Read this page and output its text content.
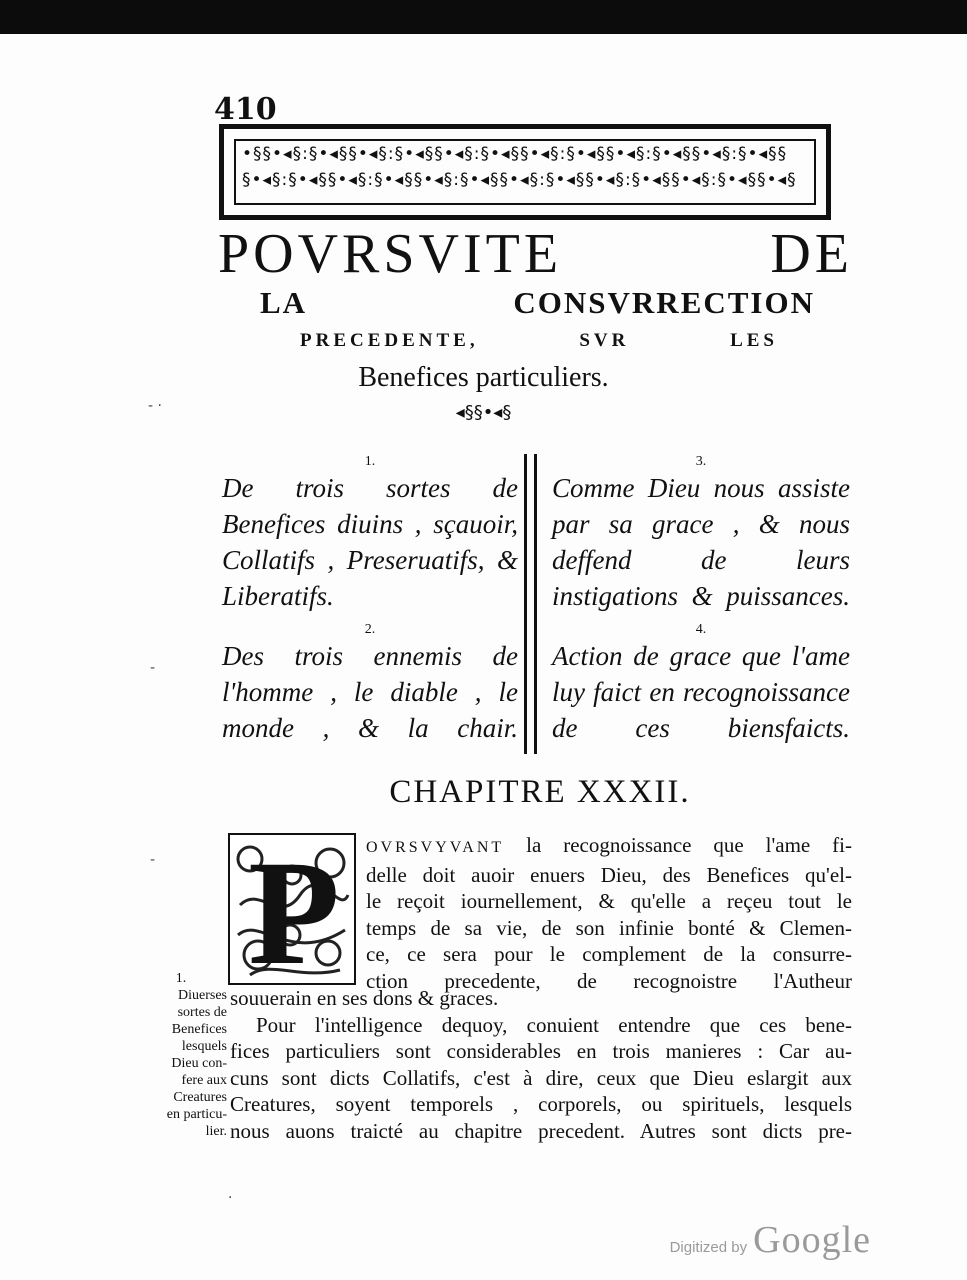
410
•§§•◂§:§•◂§§•◂§:§•◂§§•◂§:§•◂§§•◂§:§•◂§§•◂§:§•◂§§•◂§:§•◂§§
§•◂§:§•◂§§•◂§:§•◂§§•◂§:§•◂§§•◂§:§•◂§§•◂§:§•◂§§•◂§:§•◂§§•◂§
POVRSVITE DE
LA CONSVRRECTION
PRECEDENTE, SVR LES
Benefices particuliers.
◂§§•◂§
1.
De trois sortes de Benefices diuins , sçauoir, Collatifs , Preseruatifs, & Liberatifs.
2.
Des trois ennemis de l'homme , le diable , le monde , & la chair.
3.
Comme Dieu nous assiste par sa grace , & nous deffend de leurs instigations & puissances.
4.
Action de grace que l'ame luy faict en recognoissance de ces biensfaicts.
CHAPITRE XXXII.
P	OVRSVYVANT la recognoissance que l'ame fi-
delle doit auoir enuers Dieu, des Benefices qu'el-
le reçoit iournellement, & qu'elle a reçeu tout le
temps de sa vie, de son infinie bonté & Clemen-
ce, ce sera pour le complement de la consurre-
ction precedente, de recognoistre l'Autheur
souuerain en ses dons & graces.
Pour l'intelligence dequoy, conuient entendre que ces bene-
fices particuliers sont considerables en trois manieres : Car au-
cuns sont dicts Collatifs, c'est à dire, ceux que Dieu eslargit aux
Creatures, soyent temporels , corporels, ou spirituels, lesquels
nous auons traicté au chapitre precedent. Autres sont dicts pre-
1.
Diuerses
sortes de
Benefices
lesquels
Dieu con-
fere aux
Creatures
en particu-
lier.
- ·
-
-
·
Digitized by Google
